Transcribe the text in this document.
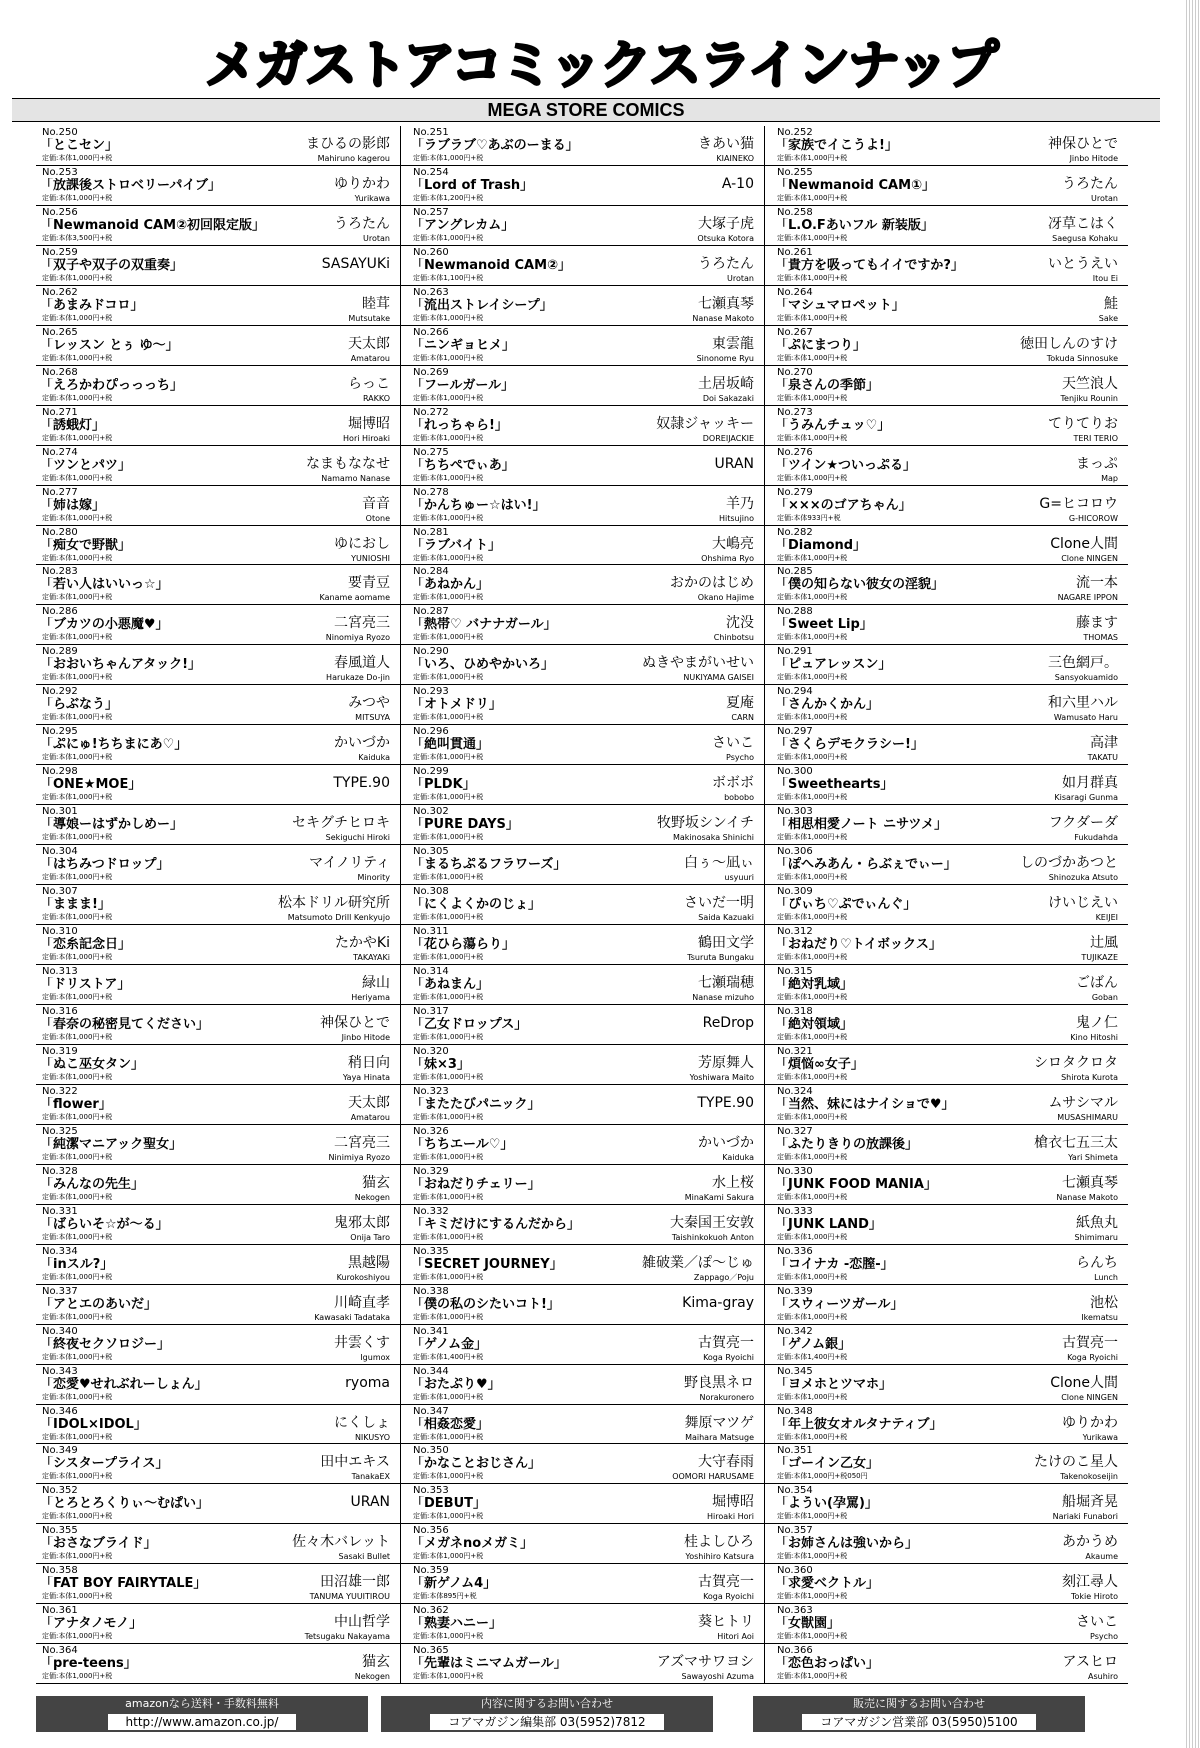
メガストアコミックスラインナップ
MEGA STORE COMICS
No.250
「とこセン」
定価:本体1,000円+税
まひるの影郎
Mahiruno kagerou
No.253
「放課後ストロベリーパイブ」
定価:本体1,000円+税
ゆりかわ
Yurikawa
No.256
「Newmanoid CAM②初回限定版」
定価:本体3,500円+税
うろたん
Urotan
No.259
「双子や双子の双重奏」
定価:本体1,000円+税
SASAYUKi
No.262
「あまみドコロ」
定価:本体1,000円+税
睦茸
Mutsutake
No.265
「レッスン とぅ ゆ～」
定価:本体1,000円+税
天太郎
Amatarou
No.268
「えろかわぴっっっち」
定価:本体1,000円+税
らっこ
RAKKO
No.271
「誘蛾灯」
定価:本体1,000円+税
堀博昭
Hori Hiroaki
No.274
「ツンとパツ」
定価:本体1,000円+税
なまもななせ
Namamo Nanase
No.277
「姉は嫁」
定価:本体1,000円+税
音音
Otone
No.280
「痴女で野獣」
定価:本体1,000円+税
ゆにおし
YUNIOSHI
No.283
「若い人はいいっ☆」
定価:本体1,000円+税
要青豆
Kaname aomame
No.286
「ブカツの小悪魔♥」
定価:本体1,000円+税
二宮亮三
Ninomiya Ryozo
No.289
「おおいちゃんアタック!」
定価:本体1,000円+税
春風道人
Harukaze Do-jin
No.292
「らぶなう」
定価:本体1,000円+税
みつや
MITSUYA
No.295
「ぷにゅ!ちちまにあ♡」
定価:本体1,000円+税
かいづか
Kaiduka
No.298
「ONE★MOE」
定価:本体1,000円+税
TYPE.90
No.301
「導娘ーはずかしめー」
定価:本体1,000円+税
セキグチヒロキ
Sekiguchi Hiroki
No.304
「はちみつドロップ」
定価:本体1,000円+税
マイノリティ
Minority
No.307
「ままま!」
定価:本体1,000円+税
松本ドリル研究所
Matsumoto Drill Kenkyujo
No.310
「恋糸記念日」
定価:本体1,000円+税
たかやKi
TAKAYAKi
No.313
「ドリストア」
定価:本体1,000円+税
緑山
Heriyama
No.316
「春奈の秘密見てください」
定価:本体1,000円+税
神保ひとで
Jinbo Hitode
No.319
「ぬこ巫女タン」
定価:本体1,000円+税
稍日向
Yaya Hinata
No.322
「flower」
定価:本体1,000円+税
天太郎
Amatarou
No.325
「純潔マニアック聖女」
定価:本体1,000円+税
二宮亮三
Ninimiya Ryozo
No.328
「みんなの先生」
定価:本体1,000円+税
猫玄
Nekogen
No.331
「ばらいそ☆が～る」
定価:本体1,000円+税
鬼邪太郎
Onija Taro
No.334
「inスル?」
定価:本体1,000円+税
黒越陽
Kurokoshiyou
No.337
「アとエのあいだ」
定価:本体1,000円+税
川崎直孝
Kawasaki Tadataka
No.340
「終夜セクソロジー」
定価:本体1,000円+税
井雲くす
Igumox
No.343
「恋愛♥せれぶれーしょん」
定価:本体1,000円+税
ryoma
No.346
「IDOL×IDOL」
定価:本体1,000円+税
にくしょ
NIKUSYO
No.349
「シスタープライス」
定価:本体1,000円+税
田中エキス
TanakaEX
No.352
「とろとろくりぃ～むぱい」
定価:本体1,000円+税
URAN
No.355
「おさなブライド」
定価:本体1,000円+税
佐々木バレット
Sasaki Bullet
No.358
「FAT BOY FAIRYTALE」
定価:本体1,000円+税
田沼雄一郎
TANUMA YUUITIROU
No.361
「アナタノモノ」
定価:本体1,000円+税
中山哲学
Tetsugaku Nakayama
No.364
「pre-teens」
定価:本体1,000円+税
猫玄
Nekogen
No.251
「ラブラブ♡あぶのーまる」
定価:本体1,000円+税
きあい猫
KIAINEKO
No.254
「Lord of Trash」
定価:本体1,200円+税
A-10
No.257
「アングレカム」
定価:本体1,000円+税
大塚子虎
Otsuka Kotora
No.260
「Newmanoid CAM②」
定価:本体1,100円+税
うろたん
Urotan
No.263
「流出ストレイシープ」
定価:本体1,000円+税
七瀬真琴
Nanase Makoto
No.266
「ニンギョヒメ」
定価:本体1,000円+税
東雲龍
Sinonome Ryu
No.269
「フールガール」
定価:本体1,000円+税
土居坂崎
Doi Sakazaki
No.272
「れっちゃら!」
定価:本体1,000円+税
奴隷ジャッキー
DOREIJACKIE
No.275
「ちちぺでぃあ」
定価:本体1,000円+税
URAN
No.278
「かんちゅー☆はい!」
定価:本体1,000円+税
羊乃
Hitsujino
No.281
「ラブバイト」
定価:本体1,000円+税
大嶋亮
Ohshima Ryo
No.284
「あねかん」
定価:本体1,000円+税
おかのはじめ
Okano Hajime
No.287
「熱帯♡ バナナガール」
定価:本体1,000円+税
沈没
Chinbotsu
No.290
「いろ、ひめやかいろ」
定価:本体1,000円+税
ぬきやまがいせい
NUKIYAMA GAISEI
No.293
「オトメドリ」
定価:本体1,000円+税
夏庵
CARN
No.296
「絶叫貫通」
定価:本体1,000円+税
さいこ
Psycho
No.299
「PLDK」
定価:本体1,000円+税
ボボボ
bobobo
No.302
「PURE DAYS」
定価:本体1,000円+税
牧野坂シンイチ
Makinosaka Shinichi
No.305
「まるちぷるフラワーズ」
定価:本体1,000円+税
白ぅ～凪ぃ
usyuuri
No.308
「にくよくかのじょ」
定価:本体1,000円+税
さいだ一明
Saida Kazuaki
No.311
「花ひら蕩らり」
定価:本体1,000円+税
鶴田文学
Tsuruta Bungaku
No.314
「あねまん」
定価:本体1,000円+税
七瀬瑞穂
Nanase mizuho
No.317
「乙女ドロップス」
定価:本体1,000円+税
ReDrop
No.320
「妹×3」
定価:本体1,000円+税
芳原舞人
Yoshiwara Maito
No.323
「またたびパニック」
定価:本体1,000円+税
TYPE.90
No.326
「ちちエール♡」
定価:本体1,000円+税
かいづか
Kaiduka
No.329
「おねだりチェリー」
定価:本体1,000円+税
水上桜
MinaKami Sakura
No.332
「キミだけにするんだから」
定価:本体1,000円+税
大秦国王安敦
Taishinkokuoh Anton
No.335
「SECRET JOURNEY」
定価:本体1,000円+税
雑破業／ぽ～じゅ
Zappago／Poju
No.338
「僕の私のシたいコト!」
定価:本体1,000円+税
Kima-gray
No.341
「ゲノム金」
定価:本体1,400円+税
古賀亮一
Koga Ryoichi
No.344
「おたぷり♥」
定価:本体1,000円+税
野良黒ネロ
Norakuronero
No.347
「相姦恋愛」
定価:本体1,000円+税
舞原マツゲ
Maihara Matsuge
No.350
「かなことおじさん」
定価:本体1,000円+税
大守春雨
OOMORI HARUSAME
No.353
「DEBUT」
定価:本体1,000円+税
堀博昭
Hiroaki Hori
No.356
「メガネnoメガミ」
定価:本体1,000円+税
桂よしひろ
Yoshihiro Katsura
No.359
「新ゲノム4」
定価:本体895円+税
古賀亮一
Koga Ryoichi
No.362
「熟妻ハニー」
定価:本体1,000円+税
葵ヒトリ
Hitori Aoi
No.365
「先輩はミニマムガール」
定価:本体1,000円+税
アズマサワヨシ
Sawayoshi Azuma
No.252
「家族でイこうよ!」
定価:本体1,000円+税
神保ひとで
Jinbo Hitode
No.255
「Newmanoid CAM①」
定価:本体1,000円+税
うろたん
Urotan
No.258
「L.O.Fあいフル 新装版」
定価:本体1,000円+税
冴草こはく
Saegusa Kohaku
No.261
「貴方を吸ってもイイですか?」
定価:本体1,000円+税
いとうえい
Itou Ei
No.264
「マシュマロペット」
定価:本体1,000円+税
鮭
Sake
No.267
「ぷにまつり」
定価:本体1,000円+税
徳田しんのすけ
Tokuda Sinnosuke
No.270
「泉さんの季節」
定価:本体1,000円+税
天竺浪人
Tenjiku Rounin
No.273
「うみんチュッ♡」
定価:本体1,000円+税
てりてりお
TERI TERIO
No.276
「ツイン★ついっぷる」
定価:本体1,000円+税
まっぷ
Map
No.279
「×××のゴアちゃん」
定価:本体933円+税
G=ヒコロウ
G-HICOROW
No.282
「Diamond」
定価:本体1,000円+税
Clone人間
Clone NINGEN
No.285
「僕の知らない彼女の淫貌」
定価:本体1,000円+税
流一本
NAGARE IPPON
No.288
「Sweet Lip」
定価:本体1,000円+税
藤ます
THOMAS
No.291
「ピュアレッスン」
定価:本体1,000円+税
三色網戸。
Sansyokuamido
No.294
「さんかくかん」
定価:本体1,000円+税
和六里ハル
Wamusato Haru
No.297
「さくらデモクラシー!」
定価:本体1,000円+税
高津
TAKATU
No.300
「Sweethearts」
定価:本体1,000円+税
如月群真
Kisaragi Gunma
No.303
「相思相愛ノート ニサツメ」
定価:本体1,000円+税
フクダーダ
Fukudahda
No.306
「ぽへみあん・らぶぇでぃー」
定価:本体1,000円+税
しのづかあつと
Shinozuka Atsuto
No.309
「ぴぃち♡ぷでぃんぐ」
定価:本体1,000円+税
けいじえい
KEIJEI
No.312
「おねだり♡トイボックス」
定価:本体1,000円+税
辻風
TUJIKAZE
No.315
「絶対乳域」
定価:本体1,000円+税
ごばん
Goban
No.318
「絶対領域」
定価:本体1,000円+税
鬼ノ仁
Kino Hitoshi
No.321
「煩悩∞女子」
定価:本体1,000円+税
シロタクロタ
Shirota Kurota
No.324
「当然、妹にはナイショで♥」
定価:本体1,000円+税
ムサシマル
MUSASHIMARU
No.327
「ふたりきりの放課後」
定価:本体1,000円+税
槍衣七五三太
Yari Shimeta
No.330
「JUNK FOOD MANIA」
定価:本体1,000円+税
七瀬真琴
Nanase Makoto
No.333
「JUNK LAND」
定価:本体1,000円+税
紙魚丸
Shimimaru
No.336
「コイナカ -恋膣-」
定価:本体1,000円+税
らんち
Lunch
No.339
「スウィーツガール」
定価:本体1,000円+税
池松
Ikematsu
No.342
「ゲノム銀」
定価:本体1,400円+税
古賀亮一
Koga Ryoichi
No.345
「ヨメホとツマホ」
定価:本体1,000円+税
Clone人間
Clone NINGEN
No.348
「年上彼女オルタナティブ」
定価:本体1,000円+税
ゆりかわ
Yurikawa
No.351
「ゴーイン乙女」
定価:本体1,000円+税050円
たけのこ星人
Takenokoseijin
No.354
「ようい(孕罵)」
定価:本体1,000円+税
船堀斉晃
Nariaki Funabori
No.357
「お姉さんは強いから」
定価:本体1,000円+税
あかうめ
Akaume
No.360
「求愛ベクトル」
定価:本体1,000円+税
刻江尋人
Tokie Hiroto
No.363
「女獣園」
定価:本体1,000円+税
さいこ
Psycho
No.366
「恋色おっぱい」
定価:本体1,000円+税
アスヒロ
Asuhiro
amazonなら送料・手数料無料
http://www.amazon.co.jp/
内容に関するお問い合わせ
コアマガジン編集部 03(5952)7812
販売に関するお問い合わせ
コアマガジン営業部 03(5950)5100
